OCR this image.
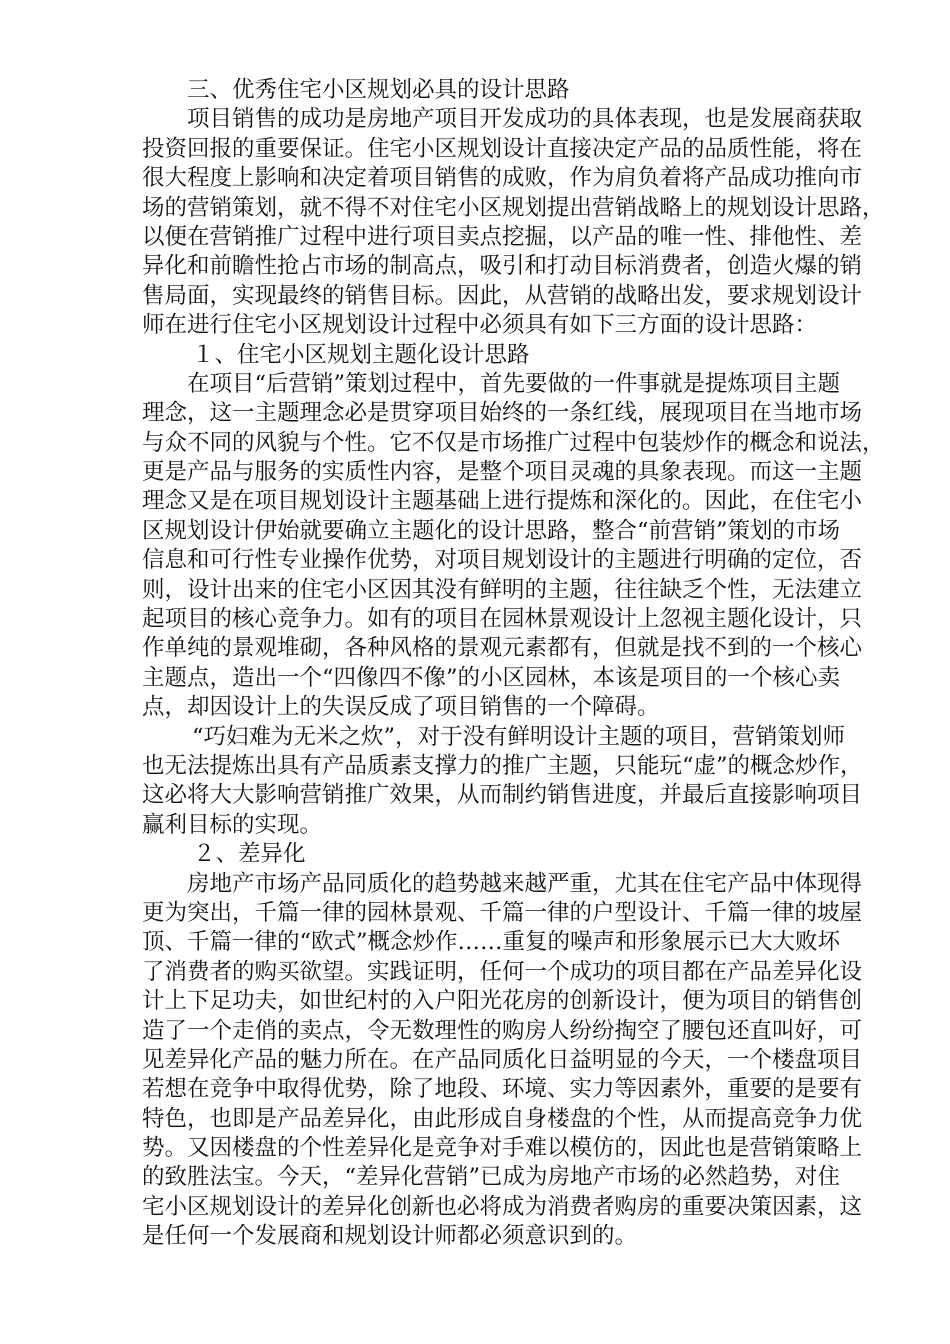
三、优秀住宅小区规划必具的设计思路
项目销售的成功是房地产项目开发成功的具体表现，也是发展商获取
投资回报的重要保证。住宅小区规划设计直接决定产品的品质性能，将在
很大程度上影响和决定着项目销售的成败，作为肩负着将产品成功推向市
场的营销策划，就不得不对住宅小区规划提出营销战略上的规划设计思路，
以便在营销推广过程中进行项目卖点挖掘，以产品的唯一性、排他性、差
异化和前瞻性抢占市场的制高点，吸引和打动目标消费者，创造火爆的销
售局面，实现最终的销售目标。因此，从营销的战略出发，要求规划设计
师在进行住宅小区规划设计过程中必须具有如下三方面的设计思路：
１、住宅小区规划主题化设计思路
在项目“后营销”策划过程中，首先要做的一件事就是提炼项目主题
理念，这一主题理念必是贯穿项目始终的一条红线，展现项目在当地市场
与众不同的风貌与个性。它不仅是市场推广过程中包装炒作的概念和说法，
更是产品与服务的实质性内容，是整个项目灵魂的具象表现。而这一主题
理念又是在项目规划设计主题基础上进行提炼和深化的。因此，在住宅小
区规划设计伊始就要确立主题化的设计思路，整合“前营销”策划的市场
信息和可行性专业操作优势，对项目规划设计的主题进行明确的定位，否
则，设计出来的住宅小区因其没有鲜明的主题，往往缺乏个性，无法建立
起项目的核心竞争力。如有的项目在园林景观设计上忽视主题化设计，只
作单纯的景观堆砌，各种风格的景观元素都有，但就是找不到的一个核心
主题点，造出一个“四像四不像”的小区园林，本该是项目的一个核心卖
点，却因设计上的失误反成了项目销售的一个障碍。
“巧妇难为无米之炊”，对于没有鲜明设计主题的项目，营销策划师
也无法提炼出具有产品质素支撑力的推广主题，只能玩“虚”的概念炒作，
这必将大大影响营销推广效果，从而制约销售进度，并最后直接影响项目
赢利目标的实现。
２、差异化
房地产市场产品同质化的趋势越来越严重，尤其在住宅产品中体现得
更为突出，千篇一律的园林景观、千篇一律的户型设计、千篇一律的坡屋
顶、千篇一律的“欧式”概念炒作……重复的噪声和形象展示已大大败坏
了消费者的购买欲望。实践证明，任何一个成功的项目都在产品差异化设
计上下足功夫，如世纪村的入户阳光花房的创新设计，便为项目的销售创
造了一个走俏的卖点，令无数理性的购房人纷纷掏空了腰包还直叫好，可
见差异化产品的魅力所在。在产品同质化日益明显的今天，一个楼盘项目
若想在竞争中取得优势，除了地段、环境、实力等因素外，重要的是要有
特色，也即是产品差异化，由此形成自身楼盘的个性，从而提高竞争力优
势。又因楼盘的个性差异化是竞争对手难以模仿的，因此也是营销策略上
的致胜法宝。今天，“差异化营销”已成为房地产市场的必然趋势，对住
宅小区规划设计的差异化创新也必将成为消费者购房的重要决策因素，这
是任何一个发展商和规划设计师都必须意识到的。
